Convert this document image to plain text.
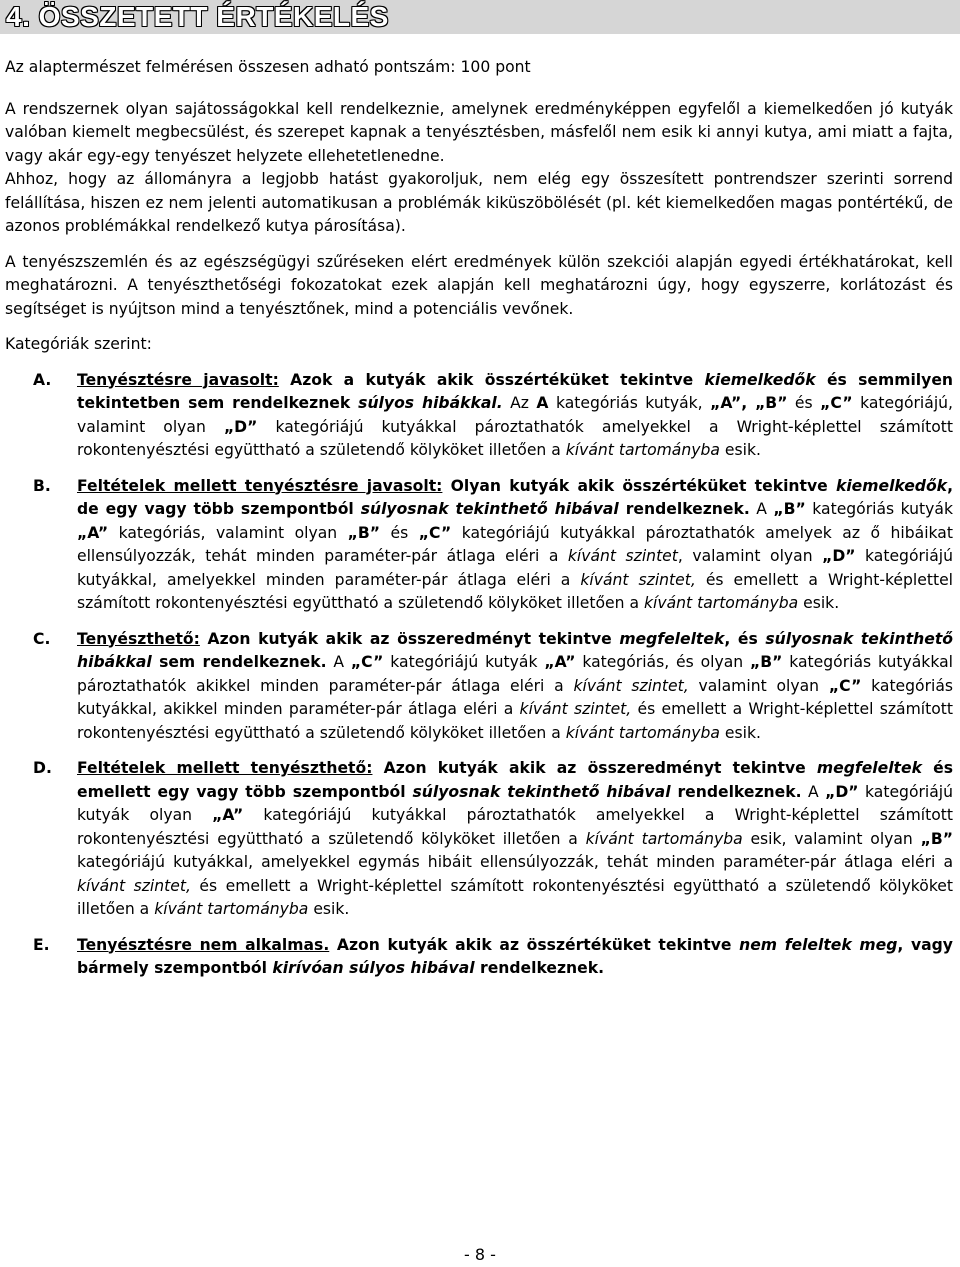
4. ÖSSZETETT ÉRTÉKELÉS

Az alaptermészet felmérésen összesen adható pontszám: 100 pont

A rendszernek olyan sajátosságokkal kell rendelkeznie, amelynek eredményképpen egyfelől a kiemelkedően jó kutyák valóban kiemelt megbecsülést, és szerepet kapnak a tenyésztésben, másfelől nem esik ki annyi kutya, ami miatt a fajta, vagy akár egy-egy tenyészet helyzete ellehetetlenedne.

Ahhoz, hogy az állományra a legjobb hatást gyakoroljuk, nem elég egy összesített pontrendszer szerinti sorrend felállítása, hiszen ez nem jelenti automatikusan a problémák kiküszöbölését (pl. két kiemelkedően magas pontértékű, de azonos problémákkal rendelkező kutya párosítása).

A tenyészszemlén és az egészségügyi szűréseken elért eredmények külön szekciói alapján egyedi értékhatárokat, kell meghatározni. A tenyészthetőségi fokozatokat ezek alapján kell meghatározni úgy, hogy egyszerre, korlátozást és segítséget is nyújtson mind a tenyésztőnek, mind a potenciális vevőnek.

Kategóriák szerint:

A. Tenyésztésre javasolt: Azok a kutyák akik összértéküket tekintve kiemelkedők és semmilyen tekintetben sem rendelkeznek súlyos hibákkal. Az A kategóriás kutyák, „A”, „B” és „C” kategóriájú, valamint olyan „D” kategóriájú kutyákkal pároztathatók amelyekkel a Wright-képlettel számított rokontenyésztési együttható a születendő kölyköket illetően a kívánt tartományba esik.

B. Feltételek mellett tenyésztésre javasolt: Olyan kutyák akik összértéküket tekintve kiemelkedők, de egy vagy több szempontból súlyosnak tekinthető hibával rendelkeznek. A „B” kategóriás kutyák „A” kategóriás, valamint olyan „B” és „C” kategóriájú kutyákkal pároztathatók amelyek az ő hibáikat ellensúlyozzák, tehát minden paraméter-pár átlaga eléri a kívánt szintet, valamint olyan „D” kategóriájú kutyákkal, amelyekkel minden paraméter-pár átlaga eléri a kívánt szintet, és emellett a Wright-képlettel számított rokontenyésztési együttható a születendő kölyköket illetően a kívánt tartományba esik.

C. Tenyészthető: Azon kutyák akik az összeredményt tekintve megfeleltek, és súlyosnak tekinthető hibákkal sem rendelkeznek. A „C” kategóriájú kutyák „A” kategóriás, és olyan „B” kategóriás kutyákkal pároztathatók akikkel minden paraméter-pár átlaga eléri a kívánt szintet, valamint olyan „C” kategóriás kutyákkal, akikkel minden paraméter-pár átlaga eléri a kívánt szintet, és emellett a Wright-képlettel számított rokontenyésztési együttható a születendő kölyköket illetően a kívánt tartományba esik.

D. Feltételek mellett tenyészthető: Azon kutyák akik az összeredményt tekintve megfeleltek és emellett egy vagy több szempontból súlyosnak tekinthető hibával rendelkeznek. A „D” kategóriájú kutyák olyan „A” kategóriájú kutyákkal pároztathatók amelyekkel a Wright-képlettel számított rokontenyésztési együttható a születendő kölyköket illetően a kívánt tartományba esik, valamint olyan „B” kategóriájú kutyákkal, amelyekkel egymás hibáit ellensúlyozzák, tehát minden paraméter-pár átlaga eléri a kívánt szintet, és emellett a Wright-képlettel számított rokontenyésztési együttható a születendő kölyköket illetően a kívánt tartományba esik.

E. Tenyésztésre nem alkalmas. Azon kutyák akik az összértéküket tekintve nem feleltek meg, vagy bármely szempontból kirívóan súlyos hibával rendelkeznek.

- 8 -
